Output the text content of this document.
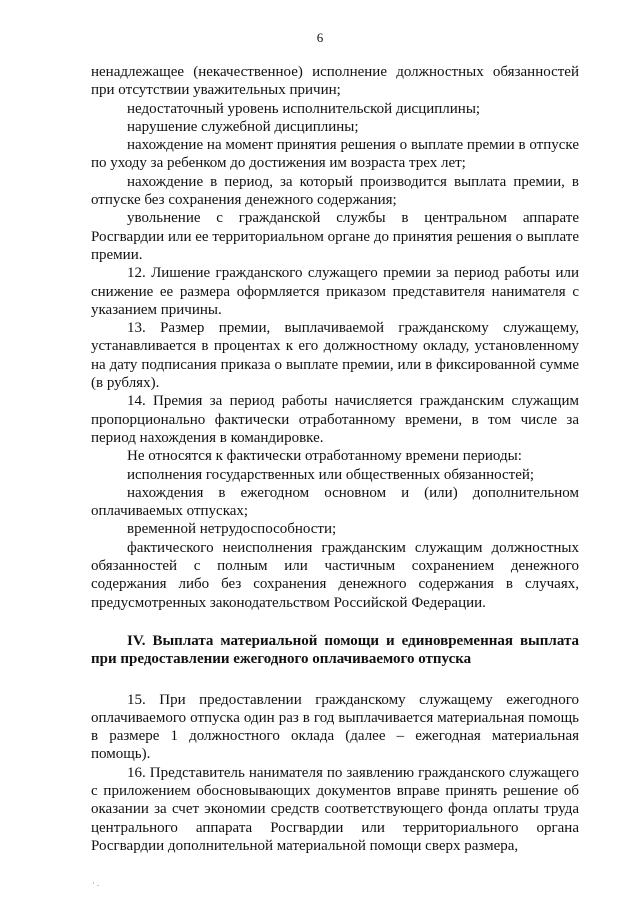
6

ненадлежащее (некачественное) исполнение должностных обязанностей при отсутствии уважительных причин;

недостаточный уровень исполнительской дисциплины;

нарушение служебной дисциплины;

нахождение на момент принятия решения о выплате премии в отпуске по уходу за ребенком до достижения им возраста трех лет;

нахождение в период, за который производится выплата премии, в отпуске без сохранения денежного содержания;

увольнение с гражданской службы в центральном аппарате Росгвардии или ее территориальном органе до принятия решения о выплате премии.

12. Лишение гражданского служащего премии за период работы или снижение ее размера оформляется приказом представителя нанимателя с указанием причины.

13. Размер премии, выплачиваемой гражданскому служащему, устанавливается в процентах к его должностному окладу, установленному на дату подписания приказа о выплате премии, или в фиксированной сумме (в рублях).

14. Премия за период работы начисляется гражданским служащим пропорционально фактически отработанному времени, в том числе за период нахождения в командировке.

Не относятся к фактически отработанному времени периоды:

исполнения государственных или общественных обязанностей;

нахождения в ежегодном основном и (или) дополнительном оплачиваемых отпусках;

временной нетрудоспособности;

фактического неисполнения гражданским служащим должностных обязанностей с полным или частичным сохранением денежного содержания либо без сохранения денежного содержания в случаях, предусмотренных законодательством Российской Федерации.

IV. Выплата материальной помощи и единовременная выплата при предоставлении ежегодного оплачиваемого отпуска

15. При предоставлении гражданскому служащему ежегодного оплачиваемого отпуска один раз в год выплачивается материальная помощь в размере 1 должностного оклада (далее – ежегодная материальная помощь).

16. Представитель нанимателя по заявлению гражданского служащего с приложением обосновывающих документов вправе принять решение об оказании за счет экономии средств соответствующего фонда оплаты труда центрального аппарата Росгвардии или территориального органа Росгвардии дополнительной материальной помощи сверх размера,

·.
